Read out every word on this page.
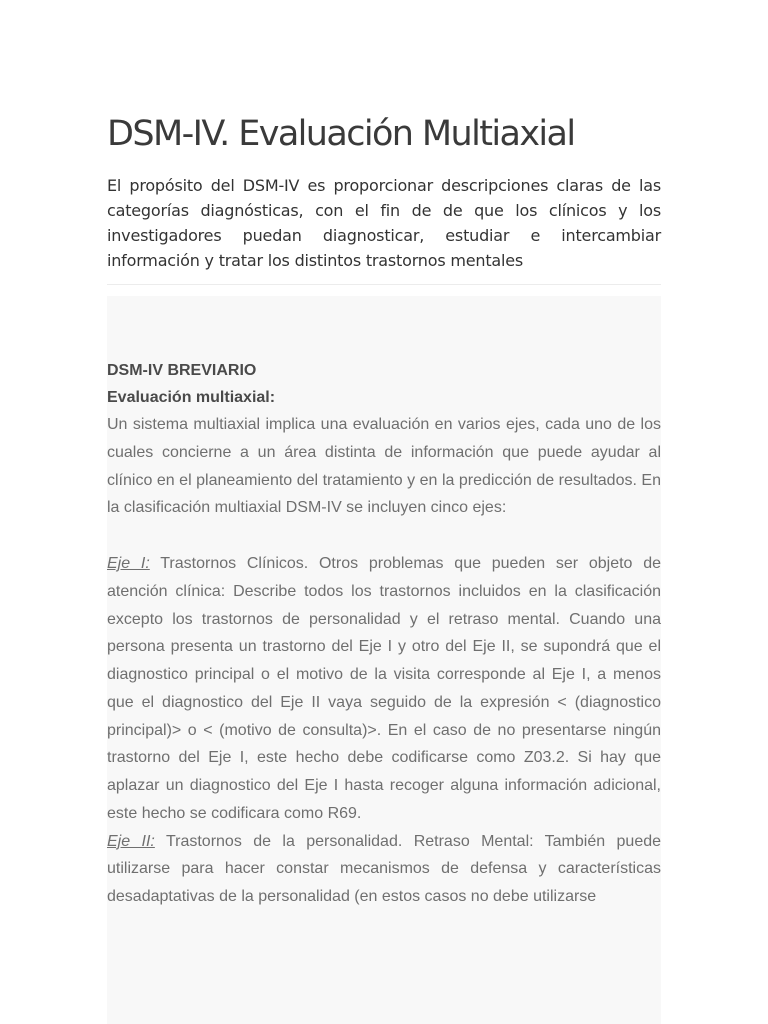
DSM-IV. Evaluación Multiaxial

El propósito del DSM-IV es proporcionar descripciones claras de las categorías diagnósticas, con el fin de de que los clínicos y los investigadores puedan diagnosticar, estudiar e intercambiar información y tratar los distintos trastornos mentales

DSM-IV BREVIARIO

Evaluación multiaxial:

Un sistema multiaxial implica una evaluación en varios ejes, cada uno de los cuales concierne a un área distinta de información que puede ayudar al clínico en el planeamiento del tratamiento y en la predicción de resultados. En la clasificación multiaxial DSM-IV se incluyen cinco ejes:

Eje I: Trastornos Clínicos. Otros problemas que pueden ser objeto de atención clínica: Describe todos los trastornos incluidos en la clasificación excepto los trastornos de personalidad y el retraso mental. Cuando una persona presenta un trastorno del Eje I y otro del Eje II, se supondrá que el diagnostico principal o el motivo de la visita corresponde al Eje I, a menos que el diagnostico del Eje II vaya seguido de la expresión < (diagnostico principal)> o < (motivo de consulta)>. En el caso de no presentarse ningún trastorno del Eje I, este hecho debe codificarse como Z03.2. Si hay que aplazar un diagnostico del Eje I hasta recoger alguna información adicional, este hecho se codificara como R69.

Eje II: Trastornos de la personalidad. Retraso Mental: También puede utilizarse para hacer constar mecanismos de defensa y características desadaptativas de la personalidad (en estos casos no debe utilizarse
